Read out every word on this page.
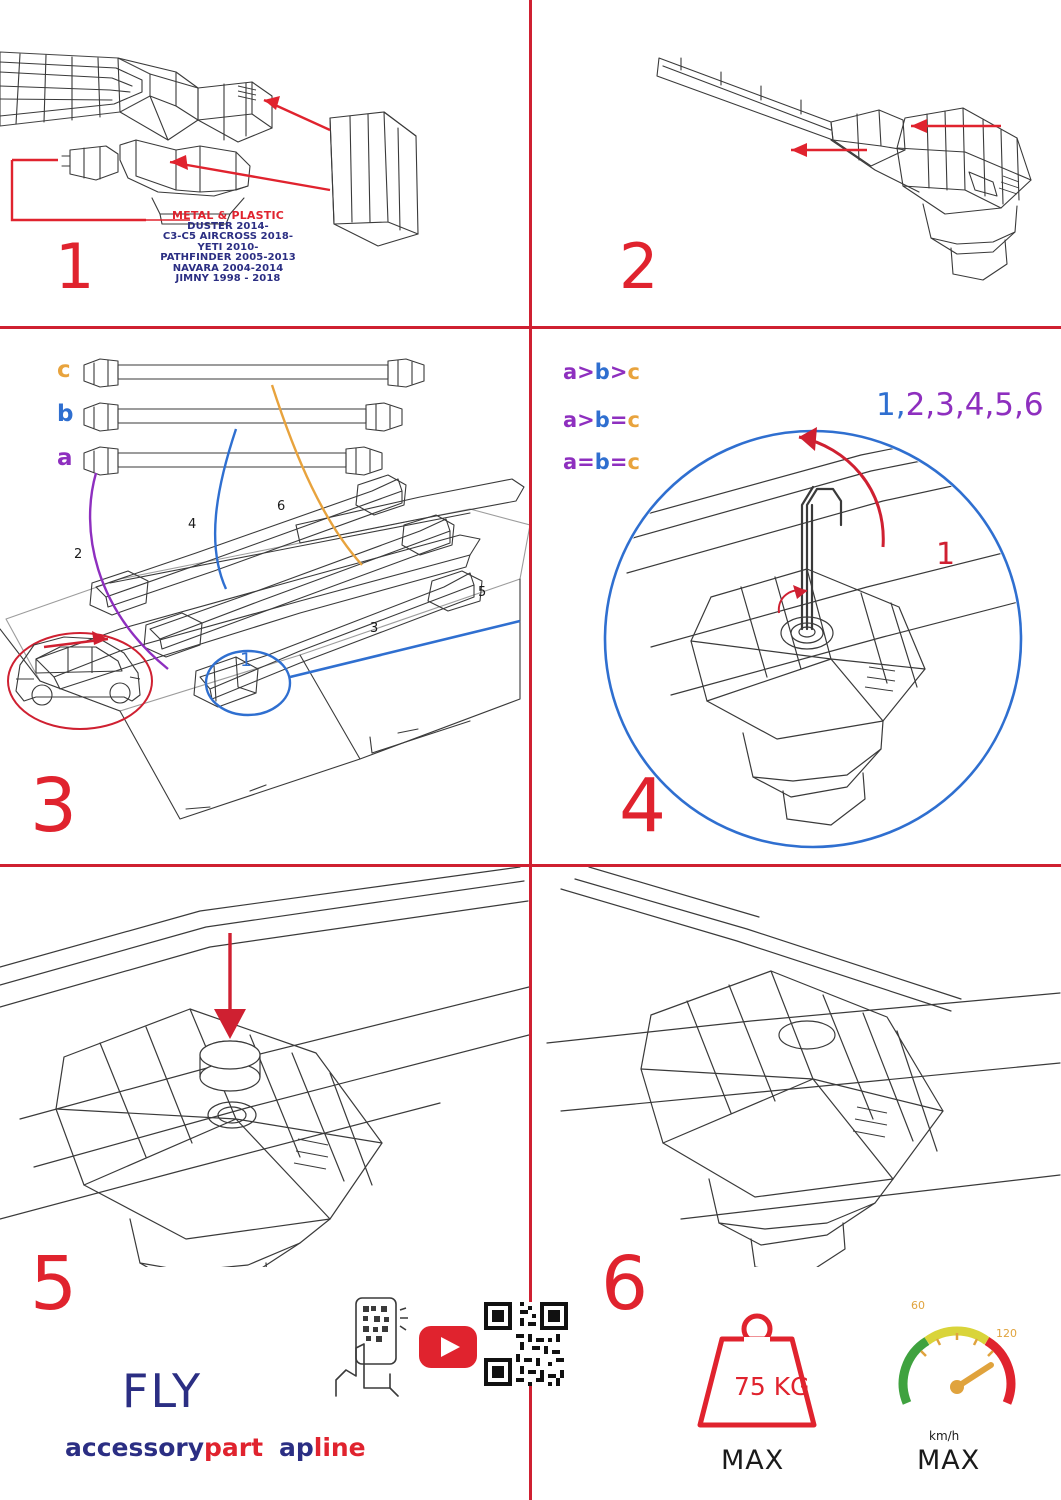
METAL & PLASTIC
DUSTER 2014-
C3-C5 AIRCROSS 2018-
YETI 2010-
PATHFINDER 2005-2013
NAVARA 2004-2014
JIMNY 1998 - 2018
1	2
c
b
a
2
4
6
5
3
1
3
a>b>c
a>b=c
a=b=c
1,2,3,4,5,6
1
4
5
FLY
accessorypart apline
6
75 KG
MAX
60
120
km/h
MAX
